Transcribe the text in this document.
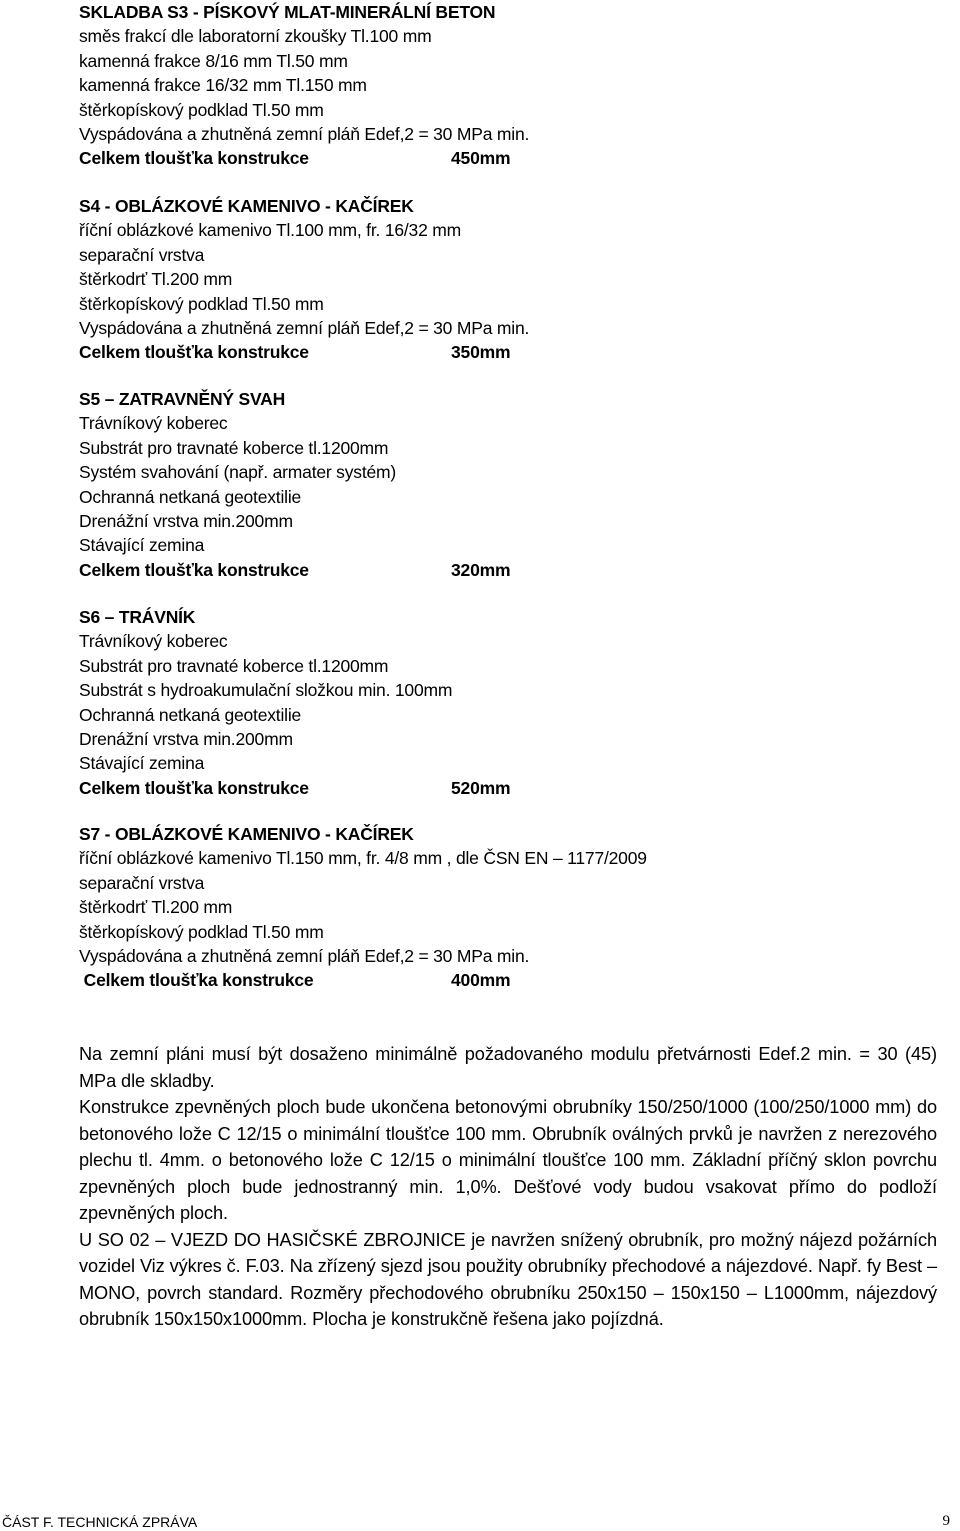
SKLADBA S3 - PÍSKOVÝ MLAT-MINERÁLNÍ BETON
směs frakcí dle laboratorní zkoušky Tl.100 mm
kamenná frakce 8/16 mm Tl.50 mm
kamenná frakce 16/32 mm Tl.150 mm
štěrkopískový podklad Tl.50 mm
Vyspádována a zhutněná zemní pláň Edef,2 = 30 MPa min.
Celkem tloušťka konstrukce	450mm
S4 - OBLÁZKOVÉ KAMENIVO - KAČÍREK
říční oblázkové kamenivo Tl.100 mm, fr. 16/32 mm
separační vrstva
štěrkodrť Tl.200 mm
štěrkopískový podklad Tl.50 mm
Vyspádována a zhutněná zemní pláň Edef,2 = 30 MPa min.
Celkem tloušťka konstrukce	350mm
S5 – ZATRAVNĚNÝ SVAH
Trávníkový koberec
Substrát pro travnaté koberce tl.1200mm
Systém svahování (např. armater systém)
Ochranná netkaná geotextilie
Drenážní vrstva min.200mm
Stávající zemina
Celkem tloušťka konstrukce	320mm
S6 – TRÁVNÍK
Trávníkový koberec
Substrát pro travnaté koberce tl.1200mm
Substrát s hydroakumulační složkou min. 100mm
Ochranná netkaná geotextilie
Drenážní vrstva min.200mm
Stávající zemina
Celkem tloušťka konstrukce	520mm
S7 - OBLÁZKOVÉ KAMENIVO - KAČÍREK
říční oblázkové kamenivo Tl.150 mm, fr. 4/8 mm , dle ČSN EN – 1177/2009
separační vrstva
štěrkodrť Tl.200 mm
štěrkopískový podklad Tl.50 mm
Vyspádována a zhutněná zemní pláň Edef,2 = 30 MPa min.
Celkem tloušťka konstrukce	400mm

Na zemní pláni musí být dosaženo minimálně požadovaného modulu přetvárnosti Edef.2 min. = 30 (45) MPa dle skladby.

Konstrukce zpevněných ploch bude ukončena betonovými obrubníky 150/250/1000 (100/250/1000 mm) do betonového lože C 12/15 o minimální tloušťce 100 mm. Obrubník oválných prvků je navržen z nerezového plechu tl. 4mm. o betonového lože C 12/15 o minimální tloušťce 100 mm. Základní příčný sklon povrchu zpevněných ploch bude jednostranný min. 1,0%. Dešťové vody budou vsakovat přímo do podloží zpevněných ploch.

U SO 02 – VJEZD DO HASIČSKÉ ZBROJNICE je navržen snížený obrubník, pro možný nájezd požárních vozidel Viz výkres č. F.03. Na zřízený sjezd jsou použity obrubníky přechodové a nájezdové. Např. fy Best – MONO, povrch standard. Rozměry přechodového obrubníku 250x150 – 150x150 – L1000mm, nájezdový obrubník 150x150x1000mm. Plocha je konstrukčně řešena jako pojízdná.

ČÁST F. TECHNICKÁ ZPRÁVA	9
